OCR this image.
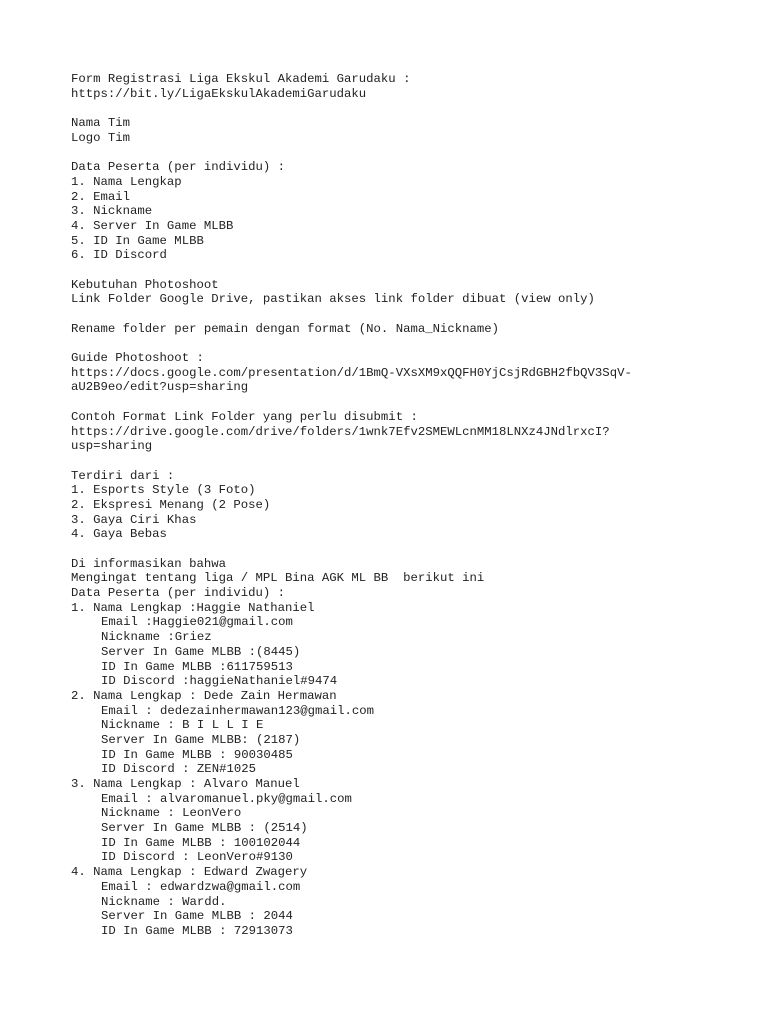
Form Registrasi Liga Ekskul Akademi Garudaku :
https://bit.ly/LigaEkskulAkademiGarudaku
Nama Tim
Logo Tim
Data Peserta (per individu) :
1. Nama Lengkap
2. Email
3. Nickname
4. Server In Game MLBB
5. ID In Game MLBB
6. ID Discord
Kebutuhan Photoshoot
Link Folder Google Drive, pastikan akses link folder dibuat (view only)
Rename folder per pemain dengan format (No. Nama_Nickname)
Guide Photoshoot :
https://docs.google.com/presentation/d/1BmQ-VXsXM9xQQFH0YjCsjRdGBH2fbQV3SqV-
aU2B9eo/edit?usp=sharing
Contoh Format Link Folder yang perlu disubmit :
https://drive.google.com/drive/folders/1wnk7Efv2SMEWLcnMM18LNXz4JNdlrxcI?
usp=sharing
Terdiri dari :
1. Esports Style (3 Foto)
2. Ekspresi Menang (2 Pose)
3. Gaya Ciri Khas
4. Gaya Bebas
Di informasikan bahwa
Mengingat tentang liga / MPL Bina AGK ML BB  berikut ini
Data Peserta (per individu) :
1. Nama Lengkap :Haggie Nathaniel
Email :Haggie021@gmail.com
Nickname :Griez
Server In Game MLBB :(8445)
ID In Game MLBB :611759513
ID Discord :haggieNathaniel#9474
2. Nama Lengkap : Dede Zain Hermawan
Email : dedezainhermawan123@gmail.com
Nickname : B I L L I E
Server In Game MLBB: (2187)
ID In Game MLBB : 90030485
ID Discord : ZEN#1025
3. Nama Lengkap : Alvaro Manuel
Email : alvaromanuel.pky@gmail.com
Nickname : LeonVero
Server In Game MLBB : (2514)
ID In Game MLBB : 100102044
ID Discord : LeonVero#9130
4. Nama Lengkap : Edward Zwagery
Email : edwardzwa@gmail.com
Nickname : Wardd.
Server In Game MLBB : 2044
ID In Game MLBB : 72913073
